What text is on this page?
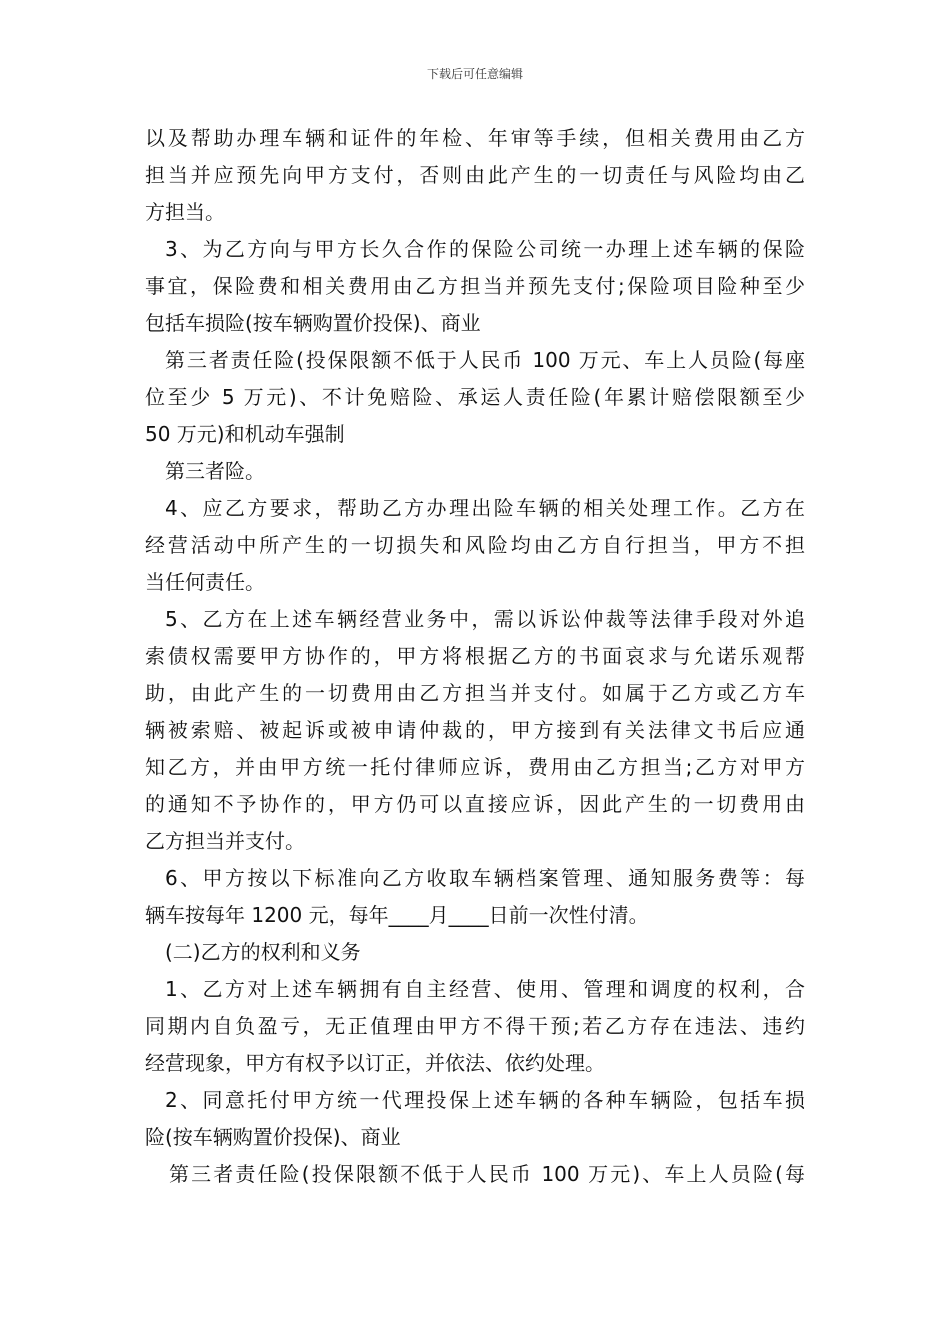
下载后可任意编辑
以及帮助办理车辆和证件的年检、年审等手续，但相关费用由乙方
担当并应预先向甲方支付，否则由此产生的一切责任与风险均由乙
方担当。
3、为乙方向与甲方长久合作的保险公司统一办理上述车辆的保险
事宜，保险费和相关费用由乙方担当并预先支付;保险项目险种至少
包括车损险(按车辆购置价投保)、商业
第三者责任险(投保限额不低于人民币 100 万元、车上人员险(每座
位至少 5 万元)、不计免赔险、承运人责任险(年累计赔偿限额至少
50 万元)和机动车强制
第三者险。
4、应乙方要求，帮助乙方办理出险车辆的相关处理工作。乙方在
经营活动中所产生的一切损失和风险均由乙方自行担当，甲方不担
当任何责任。
5、乙方在上述车辆经营业务中，需以诉讼仲裁等法律手段对外追
索债权需要甲方协作的，甲方将根据乙方的书面哀求与允诺乐观帮
助，由此产生的一切费用由乙方担当并支付。如属于乙方或乙方车
辆被索赔、被起诉或被申请仲裁的，甲方接到有关法律文书后应通
知乙方，并由甲方统一托付律师应诉，费用由乙方担当;乙方对甲方
的通知不予协作的，甲方仍可以直接应诉，因此产生的一切费用由
乙方担当并支付。
6、甲方按以下标准向乙方收取车辆档案管理、通知服务费等：每
辆车按每年 1200 元，每年____月____日前一次性付清。
(二)乙方的权利和义务
1、乙方对上述车辆拥有自主经营、使用、管理和调度的权利，合
同期内自负盈亏，无正值理由甲方不得干预;若乙方存在违法、违约
经营现象，甲方有权予以订正，并依法、依约处理。
2、同意托付甲方统一代理投保上述车辆的各种车辆险，包括车损
险(按车辆购置价投保)、商业
第三者责任险(投保限额不低于人民币 100 万元)、车上人员险(每
